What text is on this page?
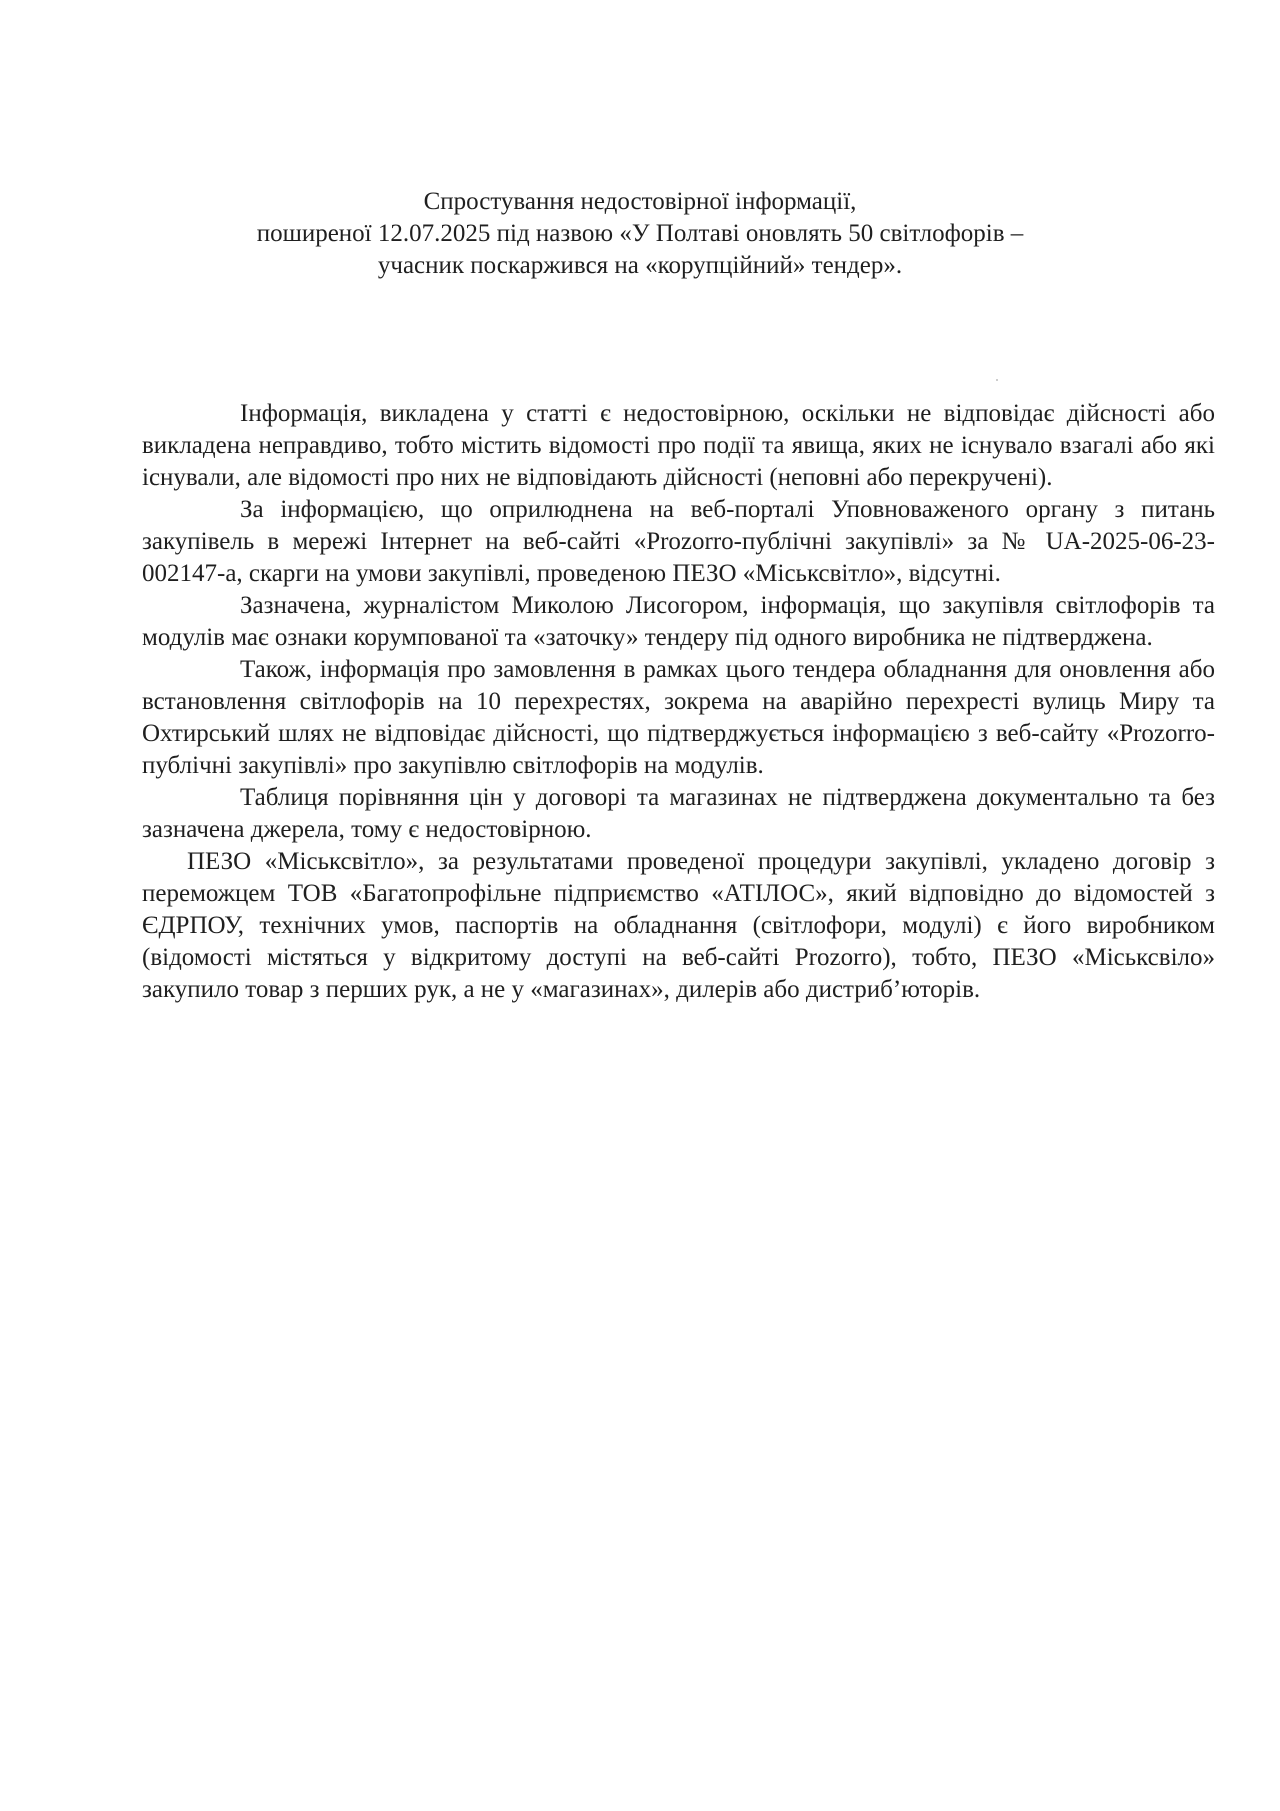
Спростування недостовірної інформації,
поширеної 12.07.2025 під назвою «У Полтаві оновлять 50 світлофорів –
учасник поскаржився на «корупційний» тендер».

Інформація, викладена у статті є недостовірною, оскільки не відповідає дійсності або викладена неправдиво, тобто містить відомості про події та явища, яких не існувало взагалі або які існували, але відомості про них не відповідають дійсності (неповні або перекручені).

За інформацією, що оприлюднена на веб-порталі Уповноваженого органу з питань закупівель в мережі Інтернет на веб-сайті «Prozorro-публічні закупівлі» за № UA-2025-06-23-002147-а, скарги на умови закупівлі, проведеною ПЕЗО «Міськсвітло», відсутні.

Зазначена, журналістом Миколою Лисогором, інформація, що закупівля світлофорів та модулів має ознаки корумпованої та «заточку» тендеру під одного виробника не підтверджена.

Також, інформація про замовлення в рамках цього тендера обладнання для оновлення або встановлення світлофорів на 10 перехрестях, зокрема на аварійно перехресті вулиць Миру та Охтирський шлях не відповідає дійсності, що підтверджується інформацією з веб-сайту «Prozorro-публічні закупівлі» про закупівлю світлофорів на модулів.

Таблиця порівняння цін у договорі та магазинах не підтверджена документально та без зазначена джерела, тому є недостовірною.

ПЕЗО «Міськсвітло», за результатами проведеної процедури закупівлі, укладено договір з переможцем ТОВ «Багатопрофільне підприємство «АТІЛОС», який відповідно до відомостей з ЄДРПОУ, технічних умов, паспортів на обладнання (світлофори, модулі) є його виробником (відомості містяться у відкритому доступі на веб-сайті Prozorro), тобто, ПЕЗО «Міськсвіло» закупило товар з перших рук, а не у «магазинах», дилерів або дистриб’юторів.
